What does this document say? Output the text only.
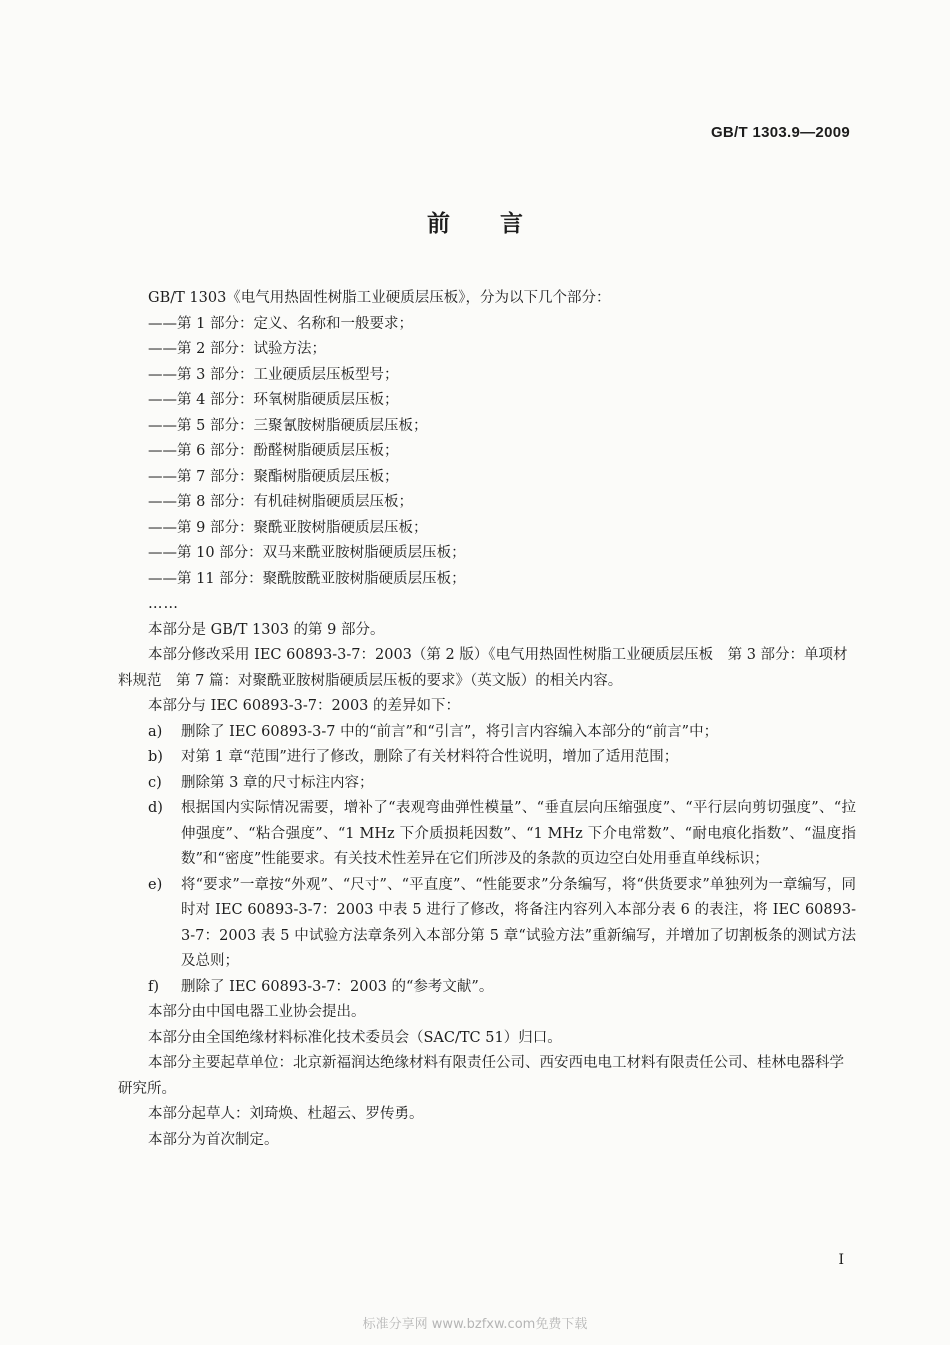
GB/T 1303.9—2009
前言

GB/T 1303《电气用热固性树脂工业硬质层压板》，分为以下几个部分：

——第 1 部分：定义、名称和一般要求；

——第 2 部分：试验方法；

——第 3 部分：工业硬质层压板型号；

——第 4 部分：环氧树脂硬质层压板；

——第 5 部分：三聚氰胺树脂硬质层压板；

——第 6 部分：酚醛树脂硬质层压板；

——第 7 部分：聚酯树脂硬质层压板；

——第 8 部分：有机硅树脂硬质层压板；

——第 9 部分：聚酰亚胺树脂硬质层压板；

——第 10 部分：双马来酰亚胺树脂硬质层压板；

——第 11 部分：聚酰胺酰亚胺树脂硬质层压板；

……

本部分是 GB/T 1303 的第 9 部分。

本部分修改采用 IEC 60893-3-7：2003（第 2 版）《电气用热固性树脂工业硬质层压板　第 3 部分：单项材料规范　第 7 篇：对聚酰亚胺树脂硬质层压板的要求》（英文版）的相关内容。

本部分与 IEC 60893-3-7：2003 的差异如下：

a) 删除了 IEC 60893-3-7 中的“前言”和“引言”，将引言内容编入本部分的“前言”中；

b) 对第 1 章“范围”进行了修改，删除了有关材料符合性说明，增加了适用范围；

c) 删除第 3 章的尺寸标注内容；

d) 根据国内实际情况需要，增补了“表观弯曲弹性模量”、“垂直层向压缩强度”、“平行层向剪切强度”、“拉伸强度”、“粘合强度”、“1 MHz 下介质损耗因数”、“1 MHz 下介电常数”、“耐电痕化指数”、“温度指数”和“密度”性能要求。有关技术性差异在它们所涉及的条款的页边空白处用垂直单线标识；

e) 将“要求”一章按“外观”、“尺寸”、“平直度”、“性能要求”分条编写，将“供货要求”单独列为一章编写，同时对 IEC 60893-3-7：2003 中表 5 进行了修改，将备注内容列入本部分表 6 的表注，将 IEC 60893-3-7：2003 表 5 中试验方法章条列入本部分第 5 章“试验方法”重新编写，并增加了切割板条的测试方法及总则；

f) 删除了 IEC 60893-3-7：2003 的“参考文献”。

本部分由中国电器工业协会提出。

本部分由全国绝缘材料标准化技术委员会（SAC/TC 51）归口。

本部分主要起草单位：北京新福润达绝缘材料有限责任公司、西安西电电工材料有限责任公司、桂林电器科学研究所。

本部分起草人：刘琦焕、杜超云、罗传勇。

本部分为首次制定。

I
标准分享网 www.bzfxw.com免费下载
